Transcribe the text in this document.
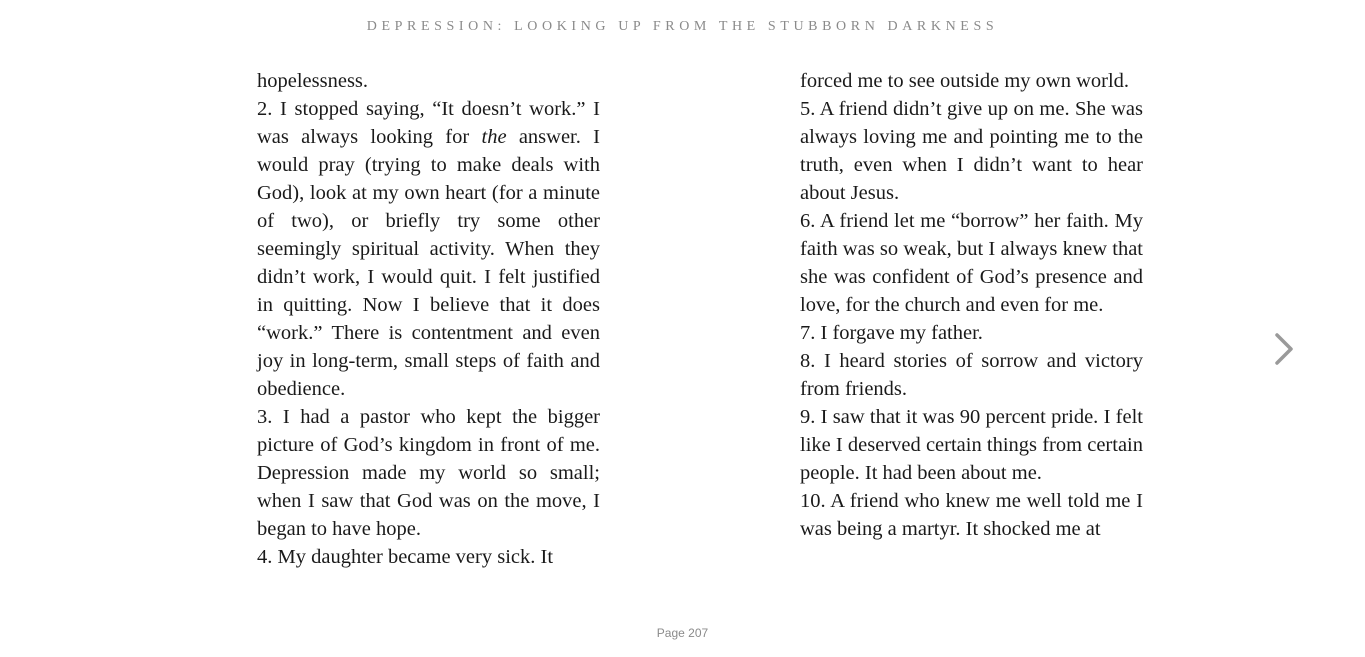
DEPRESSION: LOOKING UP FROM THE STUBBORN DARKNESS
hopelessness.
2. I stopped saying, “It doesn’t work.” I was always looking for the answer. I would pray (trying to make deals with God), look at my own heart (for a minute of two), or briefly try some other seemingly spiritual activity. When they didn’t work, I would quit. I felt justified in quitting. Now I believe that it does “work.” There is contentment and even joy in long-term, small steps of faith and obedience.
3. I had a pastor who kept the bigger picture of God’s kingdom in front of me. Depression made my world so small; when I saw that God was on the move, I began to have hope.
4. My daughter became very sick. It
forced me to see outside my own world.
5. A friend didn’t give up on me. She was always loving me and pointing me to the truth, even when I didn’t want to hear about Jesus.
6. A friend let me “borrow” her faith. My faith was so weak, but I always knew that she was confident of God’s presence and love, for the church and even for me.
7. I forgave my father.
8. I heard stories of sorrow and victory from friends.
9. I saw that it was 90 percent pride. I felt like I deserved certain things from certain people. It had been about me.
10. A friend who knew me well told me I was being a martyr. It shocked me at
Page 207
